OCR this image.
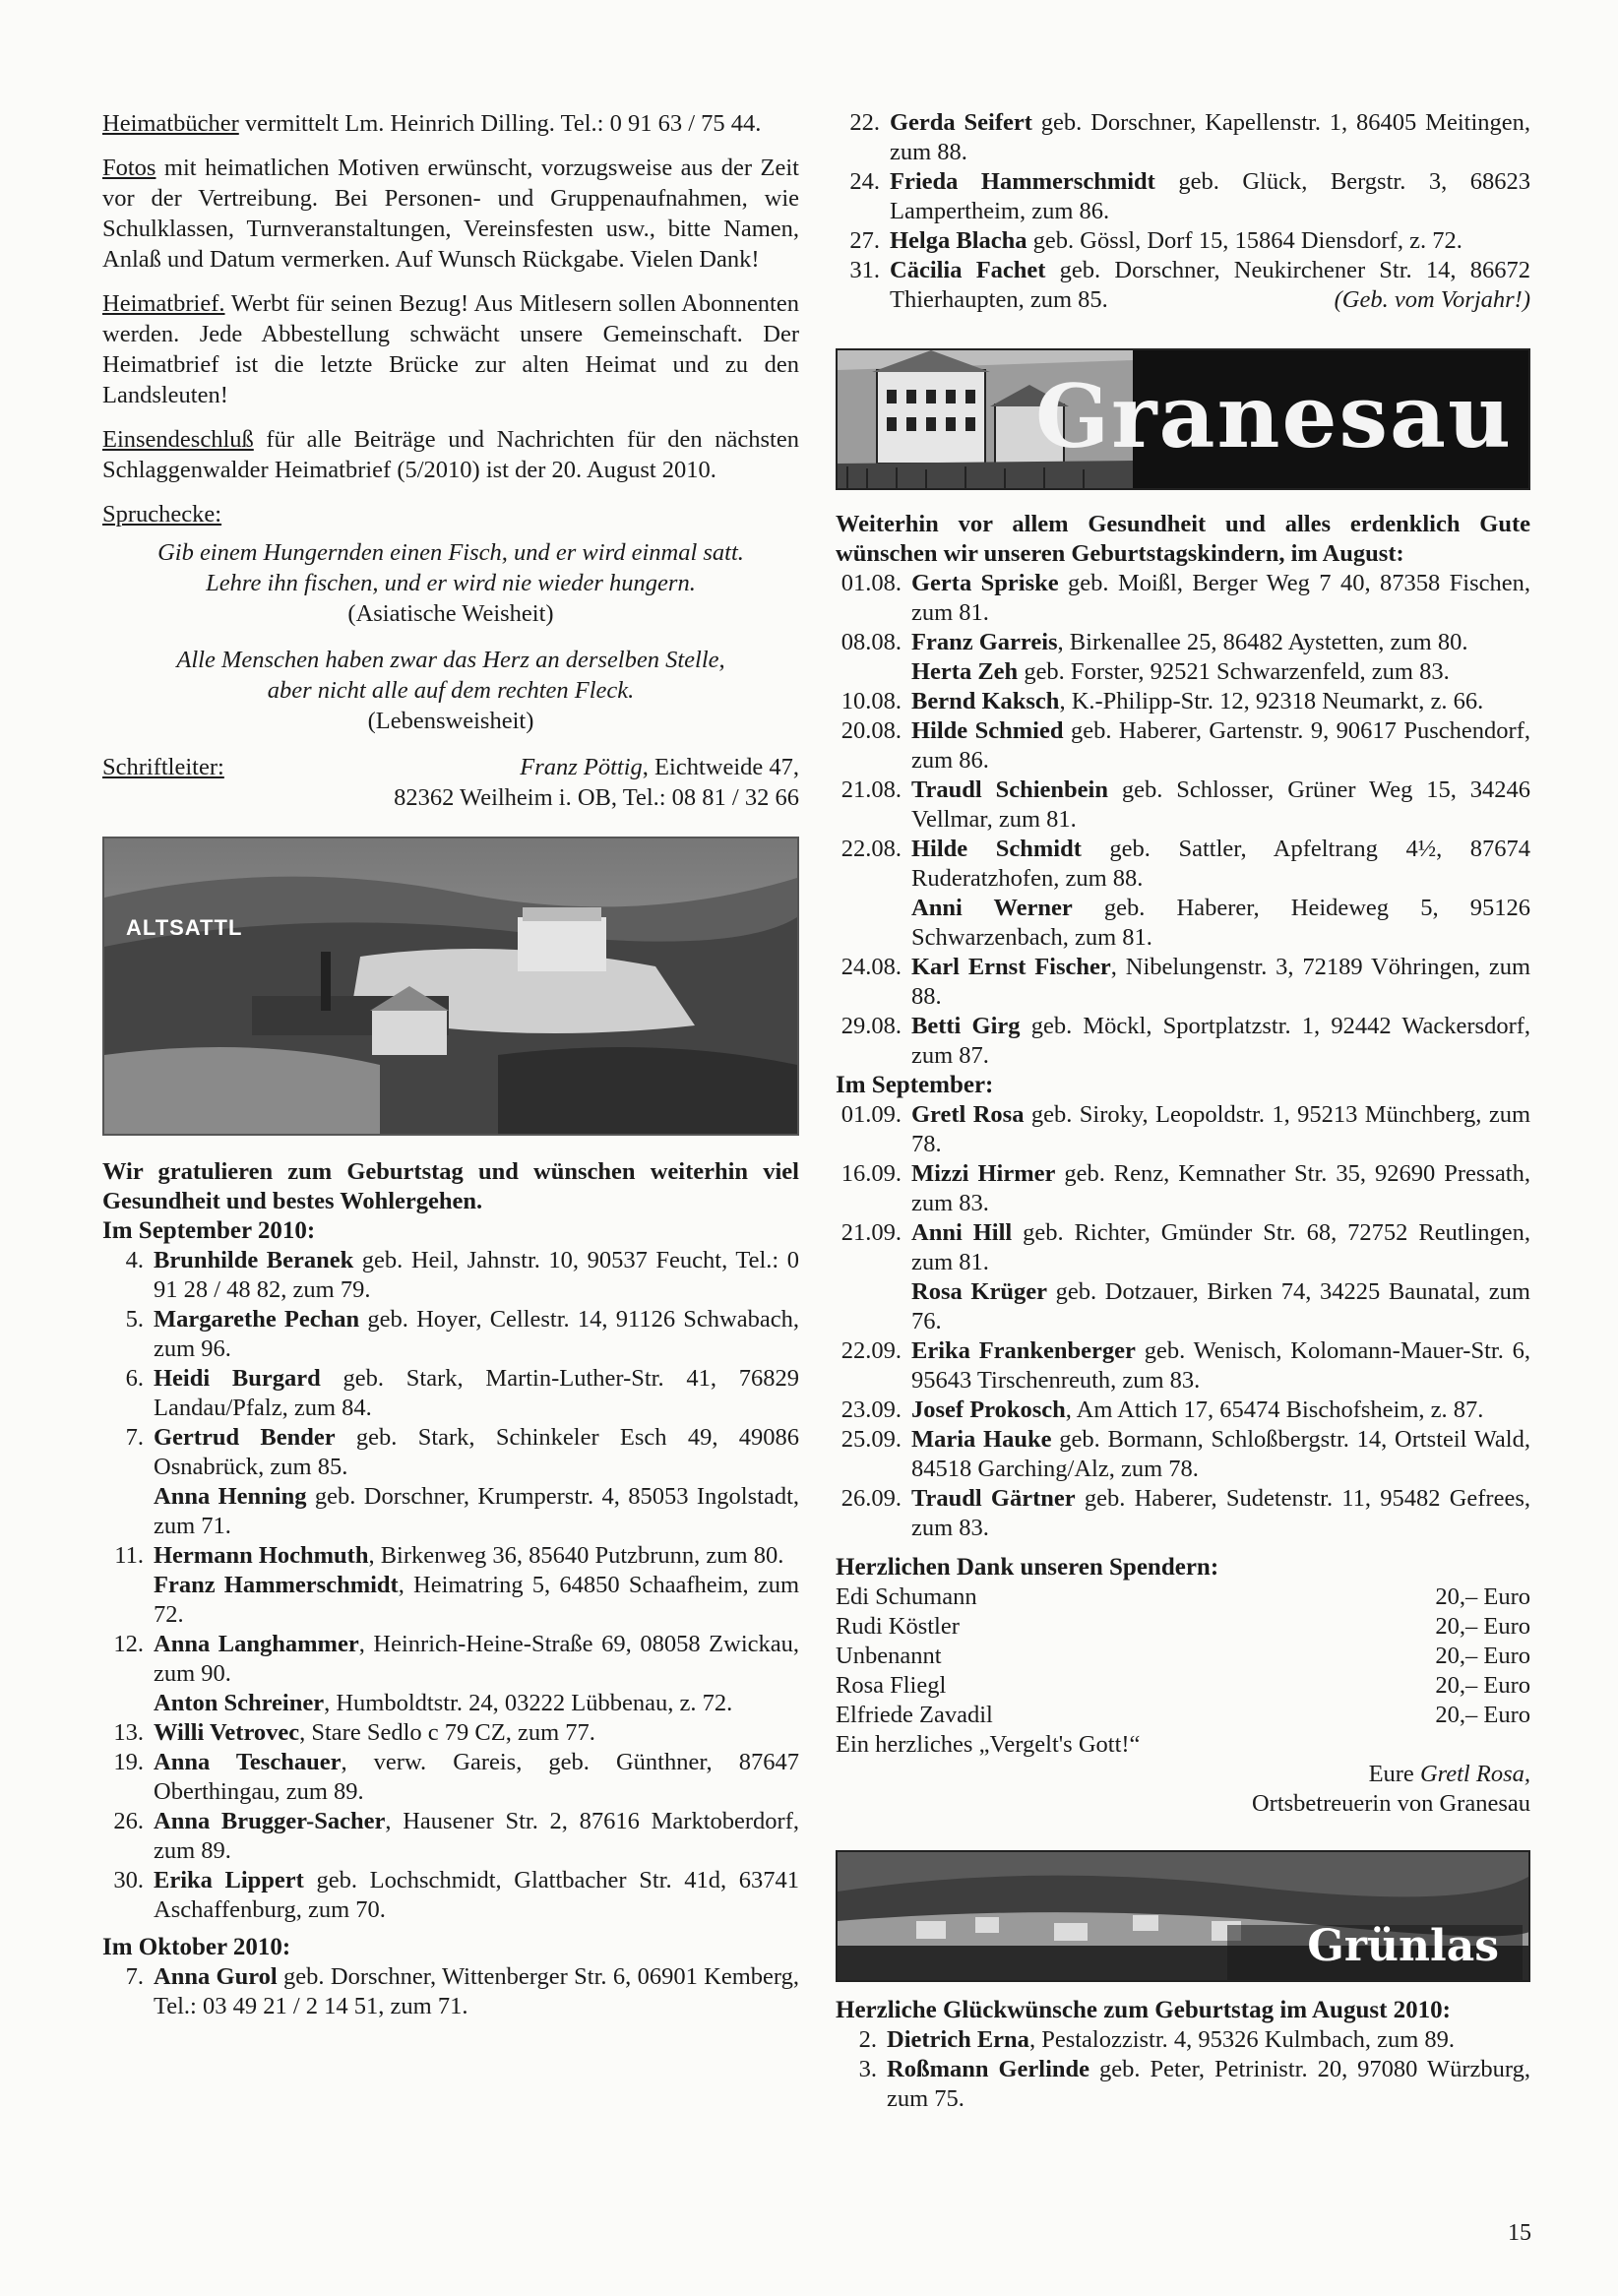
Heimatbücher vermittelt Lm. Heinrich Dilling. Tel.: 0 91 63 / 75 44.

Fotos mit heimatlichen Motiven erwünscht, vorzugsweise aus der Zeit vor der Vertreibung. Bei Personen- und Gruppenaufnahmen, wie Schulklassen, Turnveranstaltungen, Vereinsfesten usw., bitte Namen, Anlaß und Datum vermerken. Auf Wunsch Rückgabe. Vielen Dank!

Heimatbrief. Werbt für seinen Bezug! Aus Mitlesern sollen Abonnenten werden. Jede Abbestellung schwächt unsere Gemeinschaft. Der Heimatbrief ist die letzte Brücke zur alten Heimat und zu den Landsleuten!

Einsendeschluß für alle Beiträge und Nachrichten für den nächsten Schlaggenwalder Heimatbrief (5/2010) ist der 20. August 2010.

Spruchecke:

Gib einem Hungernden einen Fisch, und er wird einmal satt.

Lehre ihn fischen, und er wird nie wieder hungern.

(Asiatische Weisheit)

Alle Menschen haben zwar das Herz an derselben Stelle,

aber nicht alle auf dem rechten Fleck.

(Lebensweisheit)

Schriftleiter:	Franz Pöttig, Eichtweide 47,

82362 Weilheim i. OB, Tel.: 08 81 / 32 66

ALTSATTL

Wir gratulieren zum Geburtstag und wünschen weiterhin viel Gesundheit und bestes Wohlergehen.

Im September 2010:

4. Brunhilde Beranek geb. Heil, Jahnstr. 10, 90537 Feucht, Tel.: 0 91 28 / 48 82, zum 79.
5. Margarethe Pechan geb. Hoyer, Cellestr. 14, 91126 Schwabach, zum 96.
6. Heidi Burgard geb. Stark, Martin-Luther-Str. 41, 76829 Landau/Pfalz, zum 84.
7. Gertrud Bender geb. Stark, Schinkeler Esch 49, 49086 Osnabrück, zum 85.
Anna Henning geb. Dorschner, Krumperstr. 4, 85053 Ingolstadt, zum 71.
11. Hermann Hochmuth, Birkenweg 36, 85640 Putzbrunn, zum 80.
Franz Hammerschmidt, Heimatring 5, 64850 Schaafheim, zum 72.
12. Anna Langhammer, Heinrich-Heine-Straße 69, 08058 Zwickau, zum 90.
Anton Schreiner, Humboldtstr. 24, 03222 Lübbenau, z. 72.
13. Willi Vetrovec, Stare Sedlo c 79 CZ, zum 77.
19. Anna Teschauer, verw. Gareis, geb. Günthner, 87647 Oberthingau, zum 89.
26. Anna Brugger-Sacher, Hausener Str. 2, 87616 Marktoberdorf, zum 89.
30. Erika Lippert geb. Lochschmidt, Glattbacher Str. 41d, 63741 Aschaffenburg, zum 70.

Im Oktober 2010:

7. Anna Gurol geb. Dorschner, Wittenberger Str. 6, 06901 Kemberg, Tel.: 03 49 21 / 2 14 51, zum 71.
22. Gerda Seifert geb. Dorschner, Kapellenstr. 1, 86405 Meitingen, zum 88.
24. Frieda Hammerschmidt geb. Glück, Bergstr. 3, 68623 Lampertheim, zum 86.
27. Helga Blacha geb. Gössl, Dorf 15, 15864 Diensdorf, z. 72.
31. Cäcilia Fachet geb. Dorschner, Neukirchener Str. 14, 86672 Thierhaupten, zum 85.	(Geb. vom Vorjahr!)

Granesau

Weiterhin vor allem Gesundheit und alles erdenklich Gute wünschen wir unseren Geburtstagskindern, im August:

01.08. Gerta Spriske geb. Moißl, Berger Weg 7 40, 87358 Fischen, zum 81.
08.08. Franz Garreis, Birkenallee 25, 86482 Aystetten, zum 80.
Herta Zeh geb. Forster, 92521 Schwarzenfeld, zum 83.
10.08. Bernd Kaksch, K.-Philipp-Str. 12, 92318 Neumarkt, z. 66.
20.08. Hilde Schmied geb. Haberer, Gartenstr. 9, 90617 Puschendorf, zum 86.
21.08. Traudl Schienbein geb. Schlosser, Grüner Weg 15, 34246 Vellmar, zum 81.
22.08. Hilde Schmidt geb. Sattler, Apfeltrang 4½, 87674 Ruderatzhofen, zum 88.
Anni Werner geb. Haberer, Heideweg 5, 95126 Schwarzenbach, zum 81.
24.08. Karl Ernst Fischer, Nibelungenstr. 3, 72189 Vöhringen, zum 88.
29.08. Betti Girg geb. Möckl, Sportplatzstr. 1, 92442 Wackersdorf, zum 87.

Im September:

01.09. Gretl Rosa geb. Siroky, Leopoldstr. 1, 95213 Münchberg, zum 78.
16.09. Mizzi Hirmer geb. Renz, Kemnather Str. 35, 92690 Pressath, zum 83.
21.09. Anni Hill geb. Richter, Gmünder Str. 68, 72752 Reutlingen, zum 81.
Rosa Krüger geb. Dotzauer, Birken 74, 34225 Baunatal, zum 76.
22.09. Erika Frankenberger geb. Wenisch, Kolomann-Mauer-Str. 6, 95643 Tirschenreuth, zum 83.
23.09. Josef Prokosch, Am Attich 17, 65474 Bischofsheim, z. 87.
25.09. Maria Hauke geb. Bormann, Schloßbergstr. 14, Ortsteil Wald, 84518 Garching/Alz, zum 78.
26.09. Traudl Gärtner geb. Haberer, Sudetenstr. 11, 95482 Gefrees, zum 83.

Herzlichen Dank unseren Spendern:

Edi Schumann	20,– Euro
Rudi Köstler	20,– Euro
Unbenannt	20,– Euro
Rosa Fliegl	20,– Euro
Elfriede Zavadil	20,– Euro

Ein herzliches „Vergelt's Gott!“

Eure Gretl Rosa,

Ortsbetreuerin von Granesau

Grünlas

Herzliche Glückwünsche zum Geburtstag im August 2010:

2. Dietrich Erna, Pestalozzistr. 4, 95326 Kulmbach, zum 89.
3. Roßmann Gerlinde geb. Peter, Petrinistr. 20, 97080 Würzburg, zum 75.
15
